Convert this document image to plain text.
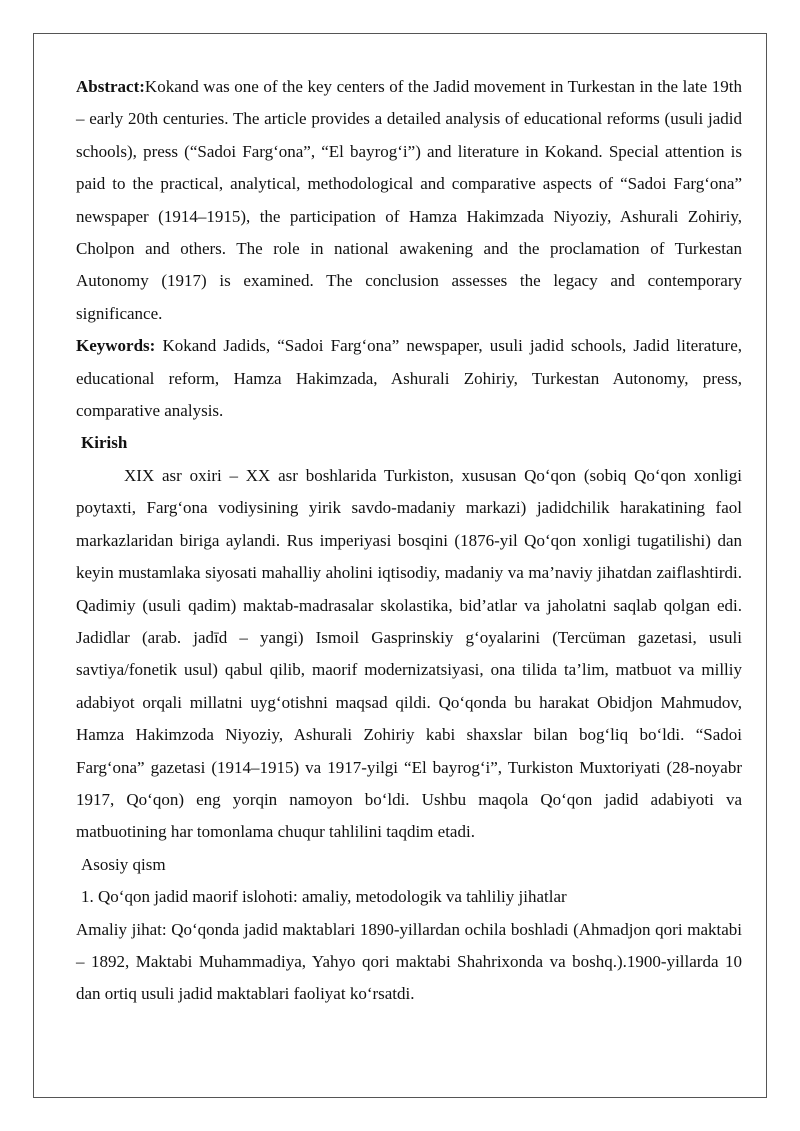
Abstract:Kokand was one of the key centers of the Jadid movement in Turkestan in the late 19th – early 20th centuries. The article provides a detailed analysis of educational reforms (usuli jadid schools), press (“Sadoi Farg‘ona”, “El bayrog‘i”) and literature in Kokand. Special attention is paid to the practical, analytical, methodological and comparative aspects of “Sadoi Farg‘ona” newspaper (1914–1915), the participation of Hamza Hakimzada Niyoziy, Ashurali Zohiriy, Cholpon and others. The role in national awakening and the proclamation of Turkestan Autonomy (1917) is examined. The conclusion assesses the legacy and contemporary significance.

Keywords: Kokand Jadids, “Sadoi Farg‘ona” newspaper, usuli jadid schools, Jadid literature, educational reform, Hamza Hakimzada, Ashurali Zohiriy, Turkestan Autonomy, press, comparative analysis.

Kirish

XIX asr oxiri – XX asr boshlarida Turkiston, xususan Qo‘qon (sobiq Qo‘qon xonligi poytaxti, Farg‘ona vodiysining yirik savdo-madaniy markazi) jadidchilik harakatining faol markazlaridan biriga aylandi. Rus imperiyasi bosqini (1876-yil Qo‘qon xonligi tugatilishi) dan keyin mustamlaka siyosati mahalliy aholini iqtisodiy, madaniy va ma’naviy jihatdan zaiflashtirdi. Qadimiy (usuli qadim) maktab-madrasalar skolastika, bid’atlar va jaholatni saqlab qolgan edi. Jadidlar (arab. jadīd – yangi) Ismoil Gasprinskiy g‘oyalarini (Tercüman gazetasi, usuli savtiya/fonetik usul) qabul qilib, maorif modernizatsiyasi, ona tilida ta’lim, matbuot va milliy adabiyot orqali millatni uyg‘otishni maqsad qildi. Qo‘qonda bu harakat Obidjon Mahmudov, Hamza Hakimzoda Niyoziy, Ashurali Zohiriy kabi shaxslar bilan bog‘liq bo‘ldi. “Sadoi Farg‘ona” gazetasi (1914–1915) va 1917-yilgi “El bayrog‘i”, Turkiston Muxtoriyati (28-noyabr 1917, Qo‘qon) eng yorqin namoyon bo‘ldi. Ushbu maqola Qo‘qon jadid adabiyoti va matbuotining har tomonlama chuqur tahlilini taqdim etadi.

Asosiy qism

1. Qo‘qon jadid maorif islohoti: amaliy, metodologik va tahliliy jihatlar

Amaliy jihat: Qo‘qonda jadid maktablari 1890-yillardan ochila boshladi (Ahmadjon qori maktabi – 1892, Maktabi Muhammadiya, Yahyo qori maktabi Shahrixonda va boshq.).1900-yillarda 10 dan ortiq usuli jadid maktablari faoliyat ko‘rsatdi.
